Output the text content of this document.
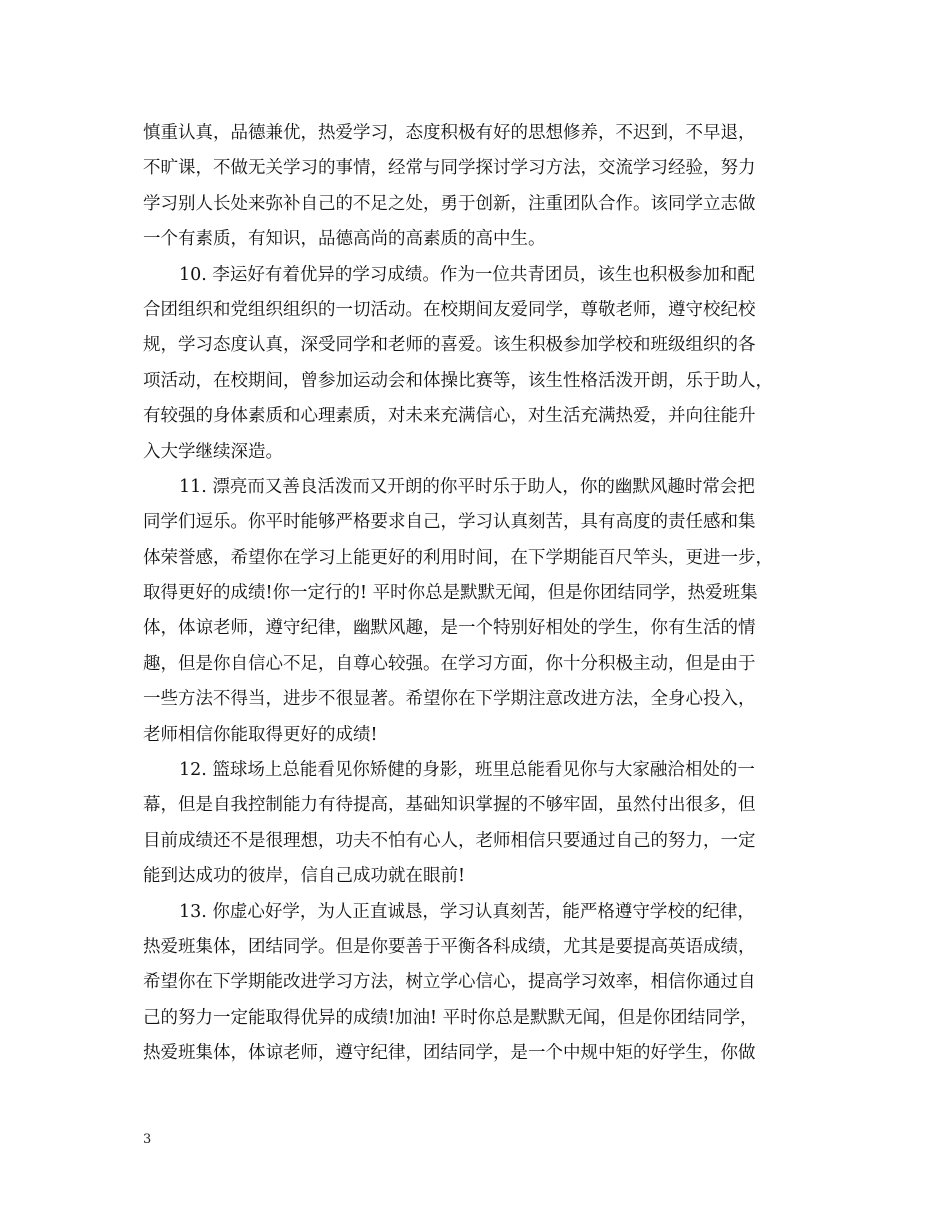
慎重认真，品德兼优，热爱学习，态度积极有好的思想修养，不迟到，不早退，
不旷课，不做无关学习的事情，经常与同学探讨学习方法，交流学习经验，努力
学习别人长处来弥补自己的不足之处，勇于创新，注重团队合作。该同学立志做
一个有素质，有知识，品德高尚的高素质的高中生。
10. 李运好有着优异的学习成绩。作为一位共青团员，该生也积极参加和配
合团组织和党组织组织的一切活动。在校期间友爱同学，尊敬老师，遵守校纪校
规，学习态度认真，深受同学和老师的喜爱。该生积极参加学校和班级组织的各
项活动，在校期间，曾参加运动会和体操比赛等，该生性格活泼开朗，乐于助人，
有较强的身体素质和心理素质，对未来充满信心，对生活充满热爱，并向往能升
入大学继续深造。
11. 漂亮而又善良活泼而又开朗的你平时乐于助人，你的幽默风趣时常会把
同学们逗乐。你平时能够严格要求自己，学习认真刻苦，具有高度的责任感和集
体荣誉感，希望你在学习上能更好的利用时间，在下学期能百尺竿头，更进一步，
取得更好的成绩!你一定行的! 平时你总是默默无闻，但是你团结同学，热爱班集
体，体谅老师，遵守纪律，幽默风趣，是一个特别好相处的学生，你有生活的情
趣，但是你自信心不足，自尊心较强。在学习方面，你十分积极主动，但是由于
一些方法不得当，进步不很显著。希望你在下学期注意改进方法，全身心投入，
老师相信你能取得更好的成绩!
12. 篮球场上总能看见你矫健的身影，班里总能看见你与大家融洽相处的一
幕，但是自我控制能力有待提高，基础知识掌握的不够牢固，虽然付出很多，但
目前成绩还不是很理想，功夫不怕有心人，老师相信只要通过自己的努力，一定
能到达成功的彼岸，信自己成功就在眼前!
13. 你虚心好学，为人正直诚恳，学习认真刻苦，能严格遵守学校的纪律，
热爱班集体，团结同学。但是你要善于平衡各科成绩，尤其是要提高英语成绩，
希望你在下学期能改进学习方法，树立学心信心，提高学习效率，相信你通过自
己的努力一定能取得优异的成绩!加油! 平时你总是默默无闻，但是你团结同学，
热爱班集体，体谅老师，遵守纪律，团结同学，是一个中规中矩的好学生，你做
3
